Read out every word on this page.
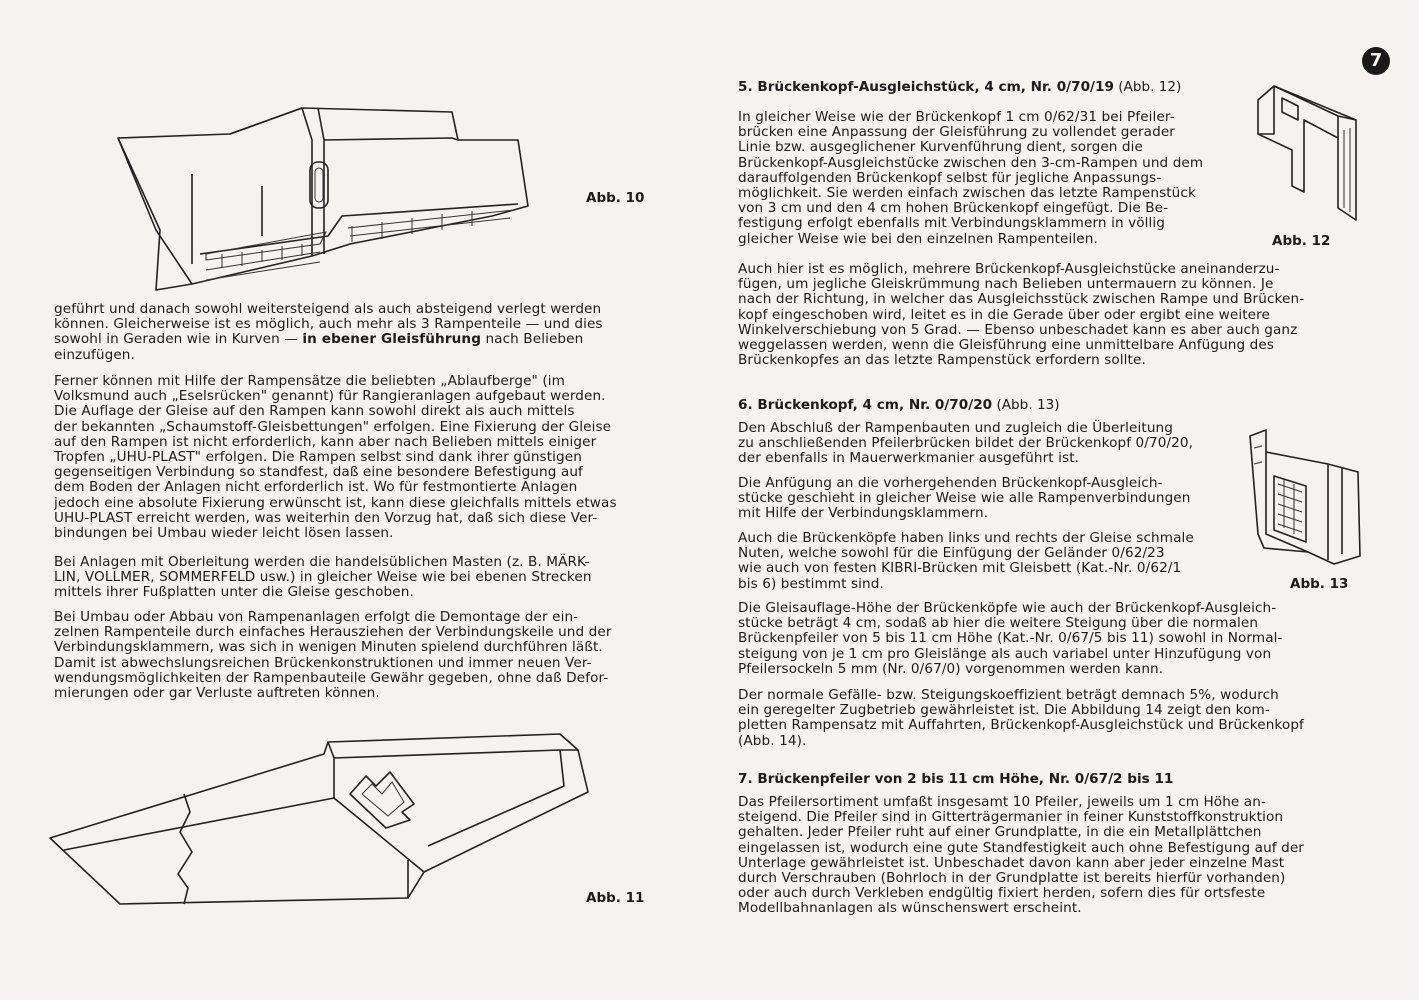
7
Abb. 10

geführt und danach sowohl weitersteigend als auch absteigend verlegt werden
können. Gleicherweise ist es möglich, auch mehr als 3 Rampenteile — und dies
sowohl in Geraden wie in Kurven — in ebener Gleisführung nach Belieben
einzufügen.

Ferner können mit Hilfe der Rampensätze die beliebten „Ablaufberge" (im
Volksmund auch „Eselsrücken" genannt) für Rangieranlagen aufgebaut werden.
Die Auflage der Gleise auf den Rampen kann sowohl direkt als auch mittels
der bekannten „Schaumstoff-Gleisbettungen" erfolgen. Eine Fixierung der Gleise
auf den Rampen ist nicht erforderlich, kann aber nach Belieben mittels einiger
Tropfen „UHU-PLAST" erfolgen. Die Rampen selbst sind dank ihrer günstigen
gegenseitigen Verbindung so standfest, daß eine besondere Befestigung auf
dem Boden der Anlagen nicht erforderlich ist. Wo für festmontierte Anlagen
jedoch eine absolute Fixierung erwünscht ist, kann diese gleichfalls mittels etwas
UHU-PLAST erreicht werden, was weiterhin den Vorzug hat, daß sich diese Ver-
bindungen bei Umbau wieder leicht lösen lassen.

Bei Anlagen mit Oberleitung werden die handelsüblichen Masten (z. B. MÄRK-
LIN, VOLLMER, SOMMERFELD usw.) in gleicher Weise wie bei ebenen Strecken
mittels ihrer Fußplatten unter die Gleise geschoben.

Bei Umbau oder Abbau von Rampenanlagen erfolgt die Demontage der ein-
zelnen Rampenteile durch einfaches Herausziehen der Verbindungskeile und der
Verbindungsklammern, was sich in wenigen Minuten spielend durchführen läßt.
Damit ist abwechslungsreichen Brückenkonstruktionen und immer neuen Ver-
wendungsmöglichkeiten der Rampenbauteile Gewähr gegeben, ohne daß Defor-
mierungen oder gar Verluste auftreten können.

Abb. 11

5. Brückenkopf-Ausgleichstück, 4 cm, Nr. 0/70/19 (Abb. 12)

In gleicher Weise wie der Brückenkopf 1 cm 0/62/31 bei Pfeiler-
brücken eine Anpassung der Gleisführung zu vollendet gerader
Linie bzw. ausgeglichener Kurvenführung dient, sorgen die
Brückenkopf-Ausgleichstücke zwischen den 3-cm-Rampen und dem
darauffolgenden Brückenkopf selbst für jegliche Anpassungs-
möglichkeit. Sie werden einfach zwischen das letzte Rampenstück
von 3 cm und den 4 cm hohen Brückenkopf eingefügt. Die Be-
festigung erfolgt ebenfalls mit Verbindungsklammern in völlig
gleicher Weise wie bei den einzelnen Rampenteilen.	Abb. 12

Auch hier ist es möglich, mehrere Brückenkopf-Ausgleichstücke aneinanderzu-
fügen, um jegliche Gleiskrümmung nach Belieben untermauern zu können. Je
nach der Richtung, in welcher das Ausgleichsstück zwischen Rampe und Brücken-
kopf eingeschoben wird, leitet es in die Gerade über oder ergibt eine weitere
Winkelverschiebung von 5 Grad. — Ebenso unbeschadet kann es aber auch ganz
weggelassen werden, wenn die Gleisführung eine unmittelbare Anfügung des
Brückenkopfes an das letzte Rampenstück erfordern sollte.

6. Brückenkopf, 4 cm, Nr. 0/70/20 (Abb. 13)

Den Abschluß der Rampenbauten und zugleich die Überleitung
zu anschließenden Pfeilerbrücken bildet der Brückenkopf 0/70/20,
der ebenfalls in Mauerwerkmanier ausgeführt ist.

Die Anfügung an die vorhergehenden Brückenkopf-Ausgleich-
stücke geschieht in gleicher Weise wie alle Rampenverbindungen
mit Hilfe der Verbindungsklammern.

Auch die Brückenköpfe haben links und rechts der Gleise schmale
Nuten, welche sowohl für die Einfügung der Geländer 0/62/23
wie auch von festen KIBRI-Brücken mit Gleisbett (Kat.-Nr. 0/62/1
bis 6) bestimmt sind.	Abb. 13

Die Gleisauflage-Höhe der Brückenköpfe wie auch der Brückenkopf-Ausgleich-
stücke beträgt 4 cm, sodaß ab hier die weitere Steigung über die normalen
Brückenpfeiler von 5 bis 11 cm Höhe (Kat.-Nr. 0/67/5 bis 11) sowohl in Normal-
steigung von je 1 cm pro Gleislänge als auch variabel unter Hinzufügung von
Pfeilersockeln 5 mm (Nr. 0/67/0) vorgenommen werden kann.

Der normale Gefälle- bzw. Steigungskoeffizient beträgt demnach 5%, wodurch
ein geregelter Zugbetrieb gewährleistet ist. Die Abbildung 14 zeigt den kom-
pletten Rampensatz mit Auffahrten, Brückenkopf-Ausgleichstück und Brückenkopf
(Abb. 14).

7. Brückenpfeiler von 2 bis 11 cm Höhe, Nr. 0/67/2 bis 11

Das Pfeilersortiment umfaßt insgesamt 10 Pfeiler, jeweils um 1 cm Höhe an-
steigend. Die Pfeiler sind in Gitterträgermanier in feiner Kunststoffkonstruktion
gehalten. Jeder Pfeiler ruht auf einer Grundplatte, in die ein Metallplättchen
eingelassen ist, wodurch eine gute Standfestigkeit auch ohne Befestigung auf der
Unterlage gewährleistet ist. Unbeschadet davon kann aber jeder einzelne Mast
durch Verschrauben (Bohrloch in der Grundplatte ist bereits hierfür vorhanden)
oder auch durch Verkleben endgültig fixiert herden, sofern dies für ortsfeste
Modellbahnanlagen als wünschenswert erscheint.
